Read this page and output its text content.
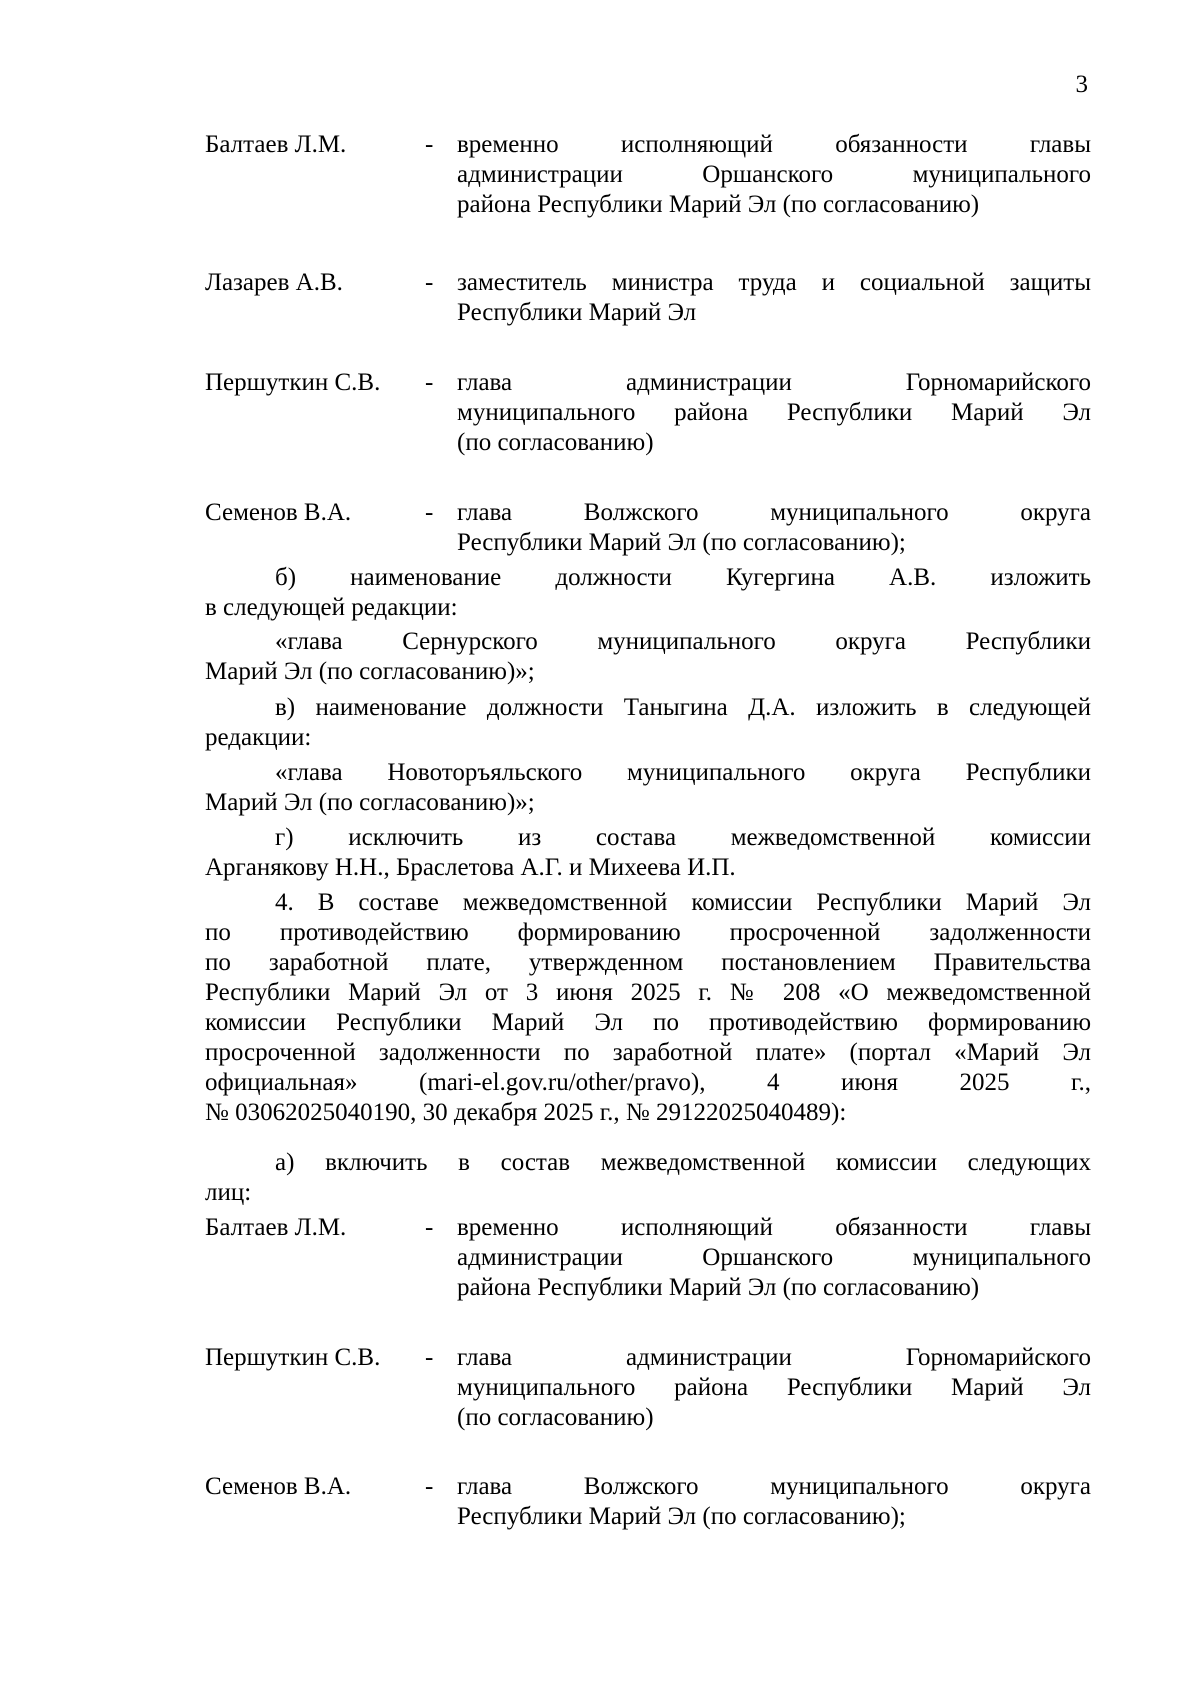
3
Балтаев Л.М.	- временно исполняющий обязанности главы
администрации Оршанского муниципального
района Республики Марий Эл (по согласованию)
Лазарев А.В.	- заместитель министра труда и социальной защиты
Республики Марий Эл
Першуткин С.В. - глава администрации Горномарийского
муниципального района Республики Марий Эл
(по согласованию)
Семенов В.А.	- глава Волжского муниципального округа
Республики Марий Эл (по согласованию);
б) наименование должности Кугергина А.В. изложить
в следующей редакции:
«глава Сернурского муниципального округа Республики
Марий Эл (по согласованию)»;
в) наименование должности Таныгина Д.А. изложить в следующей
редакции:
«глава Новоторъяльского муниципального округа Республики
Марий Эл (по согласованию)»;
г) исключить из состава межведомственной комиссии
Арганякову Н.Н., Браслетова А.Г. и Михеева И.П.
4. В составе межведомственной комиссии Республики Марий Эл
по противодействию формированию просроченной задолженности
по заработной плате, утвержденном постановлением Правительства
Республики Марий Эл от 3 июня 2025 г. № 208 «О межведомственной
комиссии Республики Марий Эл по противодействию формированию
просроченной задолженности по заработной плате» (портал «Марий Эл
официальная» (mari-el.gov.ru/other/pravo), 4 июня 2025 г.,
№ 03062025040190, 30 декабря 2025 г., № 29122025040489):
а) включить в состав межведомственной комиссии следующих
лиц:
Балтаев Л.М.	- временно исполняющий обязанности главы
администрации Оршанского муниципального
района Республики Марий Эл (по согласованию)
Першуткин С.В. - глава администрации Горномарийского
муниципального района Республики Марий Эл
(по согласованию)
Семенов В.А.	- глава Волжского муниципального округа
Республики Марий Эл (по согласованию);
